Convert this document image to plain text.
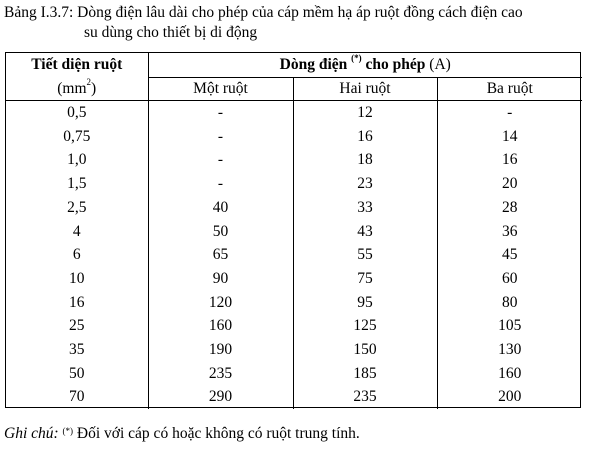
Bảng I.3.7: Dòng điện lâu dài cho phép của cáp mềm hạ áp ruột đồng cách điện cao
su dùng cho thiết bị di động
Tiết diện ruột	Dòng điện (*) cho phép (A)		
$(mm^2)$	Một ruột	Hai ruột	Ba ruột
0,5	-	12	-
0,75	-	16	14
1,0	-	18	16
1,5	-	23	20
2,5	40	33	28
4	50	43	36
6	65	55	45
10	90	75	60
16	120	95	80
25	160	125	105
35	190	150	130
50	235	185	160
70	290	235	200
Ghi chú: (*) Đối với cáp có hoặc không có ruột trung tính.
